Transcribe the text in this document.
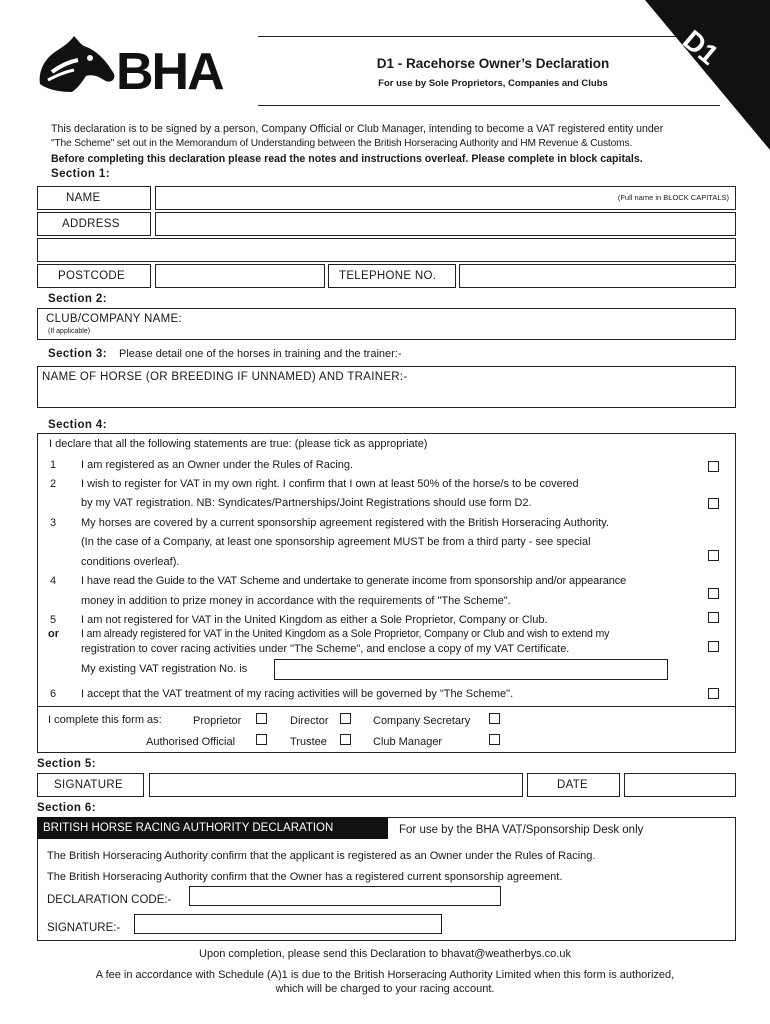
BHA	D1
D1 - Racehorse Owner’s Declaration
For use by Sole Proprietors, Companies and Clubs
This declaration is to be signed by a person, Company Official or Club Manager, intending to become a VAT registered entity under
"The Scheme" set out in the Memorandum of Understanding between the British Horseracing Authority and HM Revenue & Customs.
Before completing this declaration please read the notes and instructions overleaf. Please complete in block capitals.
Section 1:
NAME	(Full name in BLOCK CAPITALS)
ADDRESS
POSTCODE	TELEPHONE NO.
Section 2:
CLUB/COMPANY NAME:
(If applicable)
Section 3: Please detail one of the horses in training and the trainer:-
NAME OF HORSE (OR BREEDING IF UNNAMED) AND TRAINER:-
Section 4:
I declare that all the following statements are true: (please tick as appropriate)
1 I am registered as an Owner under the Rules of Racing.
2 I wish to register for VAT in my own right. I confirm that I own at least 50% of the horse/s to be covered
by my VAT registration. NB: Syndicates/Partnerships/Joint Registrations should use form D2.
3 My horses are covered by a current sponsorship agreement registered with the British Horseracing Authority.
(In the case of a Company, at least one sponsorship agreement MUST be from a third party - see special
conditions overleaf).
4 I have read the Guide to the VAT Scheme and undertake to generate income from sponsorship and/or appearance
money in addition to prize money in accordance with the requirements of "The Scheme".
5 I am not registered for VAT in the United Kingdom as either a Sole Proprietor, Company or Club.
or I am already registered for VAT in the United Kingdom as a Sole Proprietor, Company or Club and wish to extend my
registration to cover racing activities under "The Scheme", and enclose a copy of my VAT Certificate.
My existing VAT registration No. is
6 I accept that the VAT treatment of my racing activities will be governed by "The Scheme".
I complete this form as:	Proprietor	Director	Company Secretary
Authorised Official	Trustee	Club Manager
Section 5:
SIGNATURE	DATE
Section 6:
BRITISH HORSE RACING AUTHORITY DECLARATION	For use by the BHA VAT/Sponsorship Desk only
The British Horseracing Authority confirm that the applicant is registered as an Owner under the Rules of Racing.
The British Horseracing Authority confirm that the Owner has a registered current sponsorship agreement.
DECLARATION CODE:-
SIGNATURE:-
Upon completion, please send this Declaration to bhavat@weatherbys.co.uk
A fee in accordance with Schedule (A)1 is due to the British Horseracing Authority Limited when this form is authorized,
which will be charged to your racing account.
